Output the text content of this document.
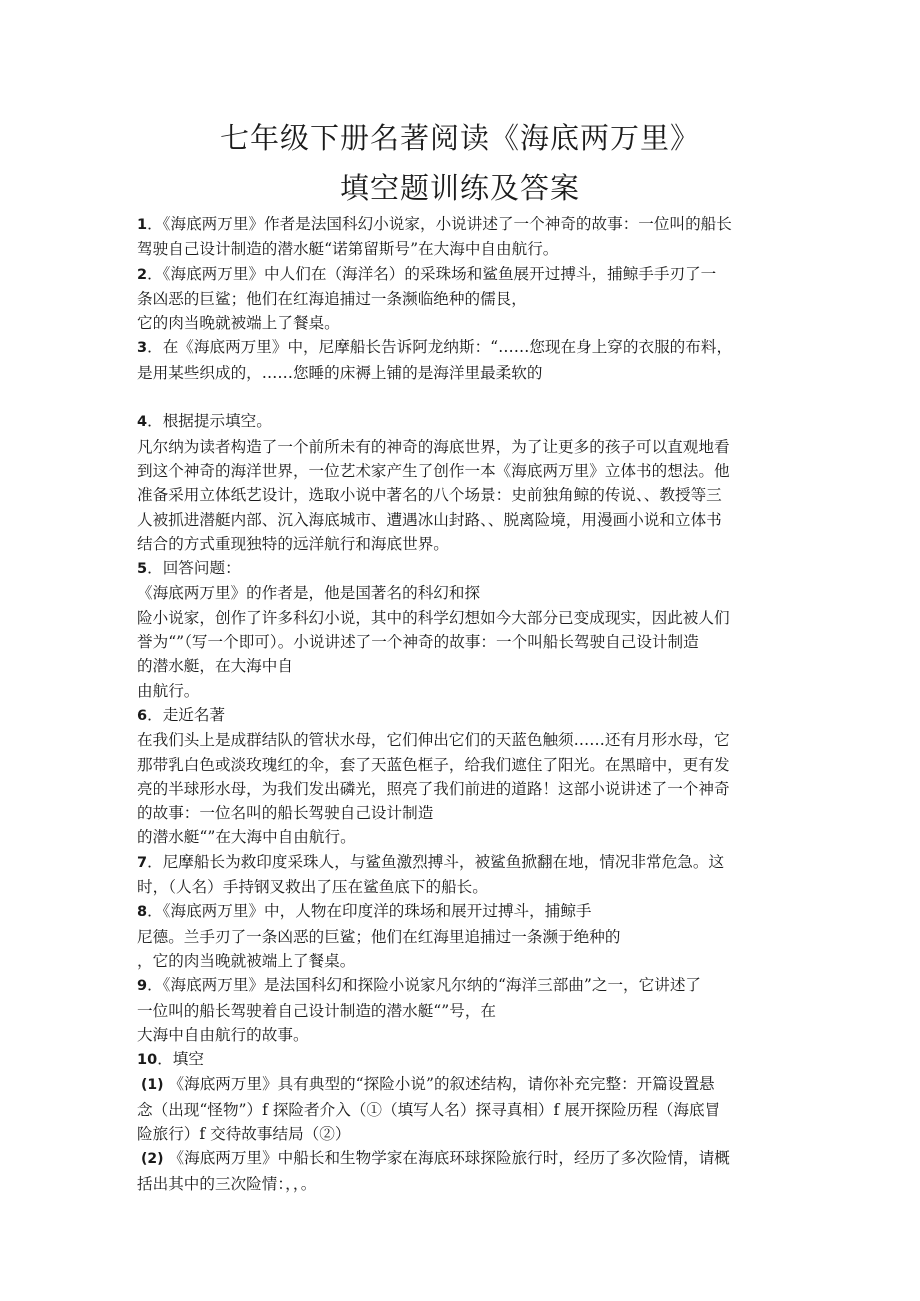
七年级下册名著阅读《海底两万里》
填空题训练及答案

1．《海底两万里》作者是法国科幻小说家，小说讲述了一个神奇的故事：一位叫的船长

驾驶自己设计制造的潜水艇“诺第留斯号”在大海中自由航行。

2．《海底两万里》中人们在（海洋名）的采珠场和鲨鱼展开过搏斗，捕鲸手手刃了一

条凶恶的巨鲨；他们在红海追捕过一条濒临绝种的儒艮，

它的肉当晚就被端上了餐桌。

3．在《海底两万里》中，尼摩船长告诉阿龙纳斯：“……您现在身上穿的衣服的布料，

是用某些织成的，……您睡的床褥上铺的是海洋里最柔软的

4．根据提示填空。

凡尔纳为读者构造了一个前所未有的神奇的海底世界，为了让更多的孩子可以直观地看

到这个神奇的海洋世界，一位艺术家产生了创作一本《海底两万里》立体书的想法。他

准备采用立体纸艺设计，选取小说中著名的八个场景：史前独角鲸的传说、、教授等三

人被抓进潜艇内部、沉入海底城市、遭遇冰山封路、、脱离险境，用漫画小说和立体书

结合的方式重现独特的远洋航行和海底世界。

5．回答问题：

《海底两万里》的作者是，他是国著名的科幻和探

险小说家，创作了许多科幻小说，其中的科学幻想如今大部分已变成现实，因此被人们

誉为“”（写一个即可）。小说讲述了一个神奇的故事：一个叫船长驾驶自己设计制造

的潜水艇，在大海中自

由航行。

6．走近名著

在我们头上是成群结队的管状水母，它们伸出它们的天蓝色触须……还有月形水母，它

那带乳白色或淡玫瑰红的伞，套了天蓝色框子，给我们遮住了阳光。在黑暗中，更有发

亮的半球形水母，为我们发出磷光，照亮了我们前进的道路！这部小说讲述了一个神奇

的故事：一位名叫的船长驾驶自己设计制造

的潜水艇“”在大海中自由航行。

7．尼摩船长为救印度采珠人，与鲨鱼激烈搏斗，被鲨鱼掀翻在地，情况非常危急。这

时，（人名）手持钢叉救出了压在鲨鱼底下的船长。

8．《海底两万里》中，人物在印度洋的珠场和展开过搏斗，捕鲸手

尼德。兰手刃了一条凶恶的巨鲨；他们在红海里追捕过一条濒于绝种的

，它的肉当晚就被端上了餐桌。

9．《海底两万里》是法国科幻和探险小说家凡尔纳的“海洋三部曲”之一，它讲述了

一位叫的船长驾驶着自己设计制造的潜水艇“”号，在

大海中自由航行的故事。

10．填空

(1) 《海底两万里》具有典型的“探险小说”的叙述结构，请你补充完整：开篇设置悬

念（出现“怪物”）f 探险者介入（①（填写人名）探寻真相）f 展开探险历程（海底冒

险旅行）f 交待故事结局（②）

(2) 《海底两万里》中船长和生物学家在海底环球探险旅行时，经历了多次险情，请概

括出其中的三次险情：，，。
